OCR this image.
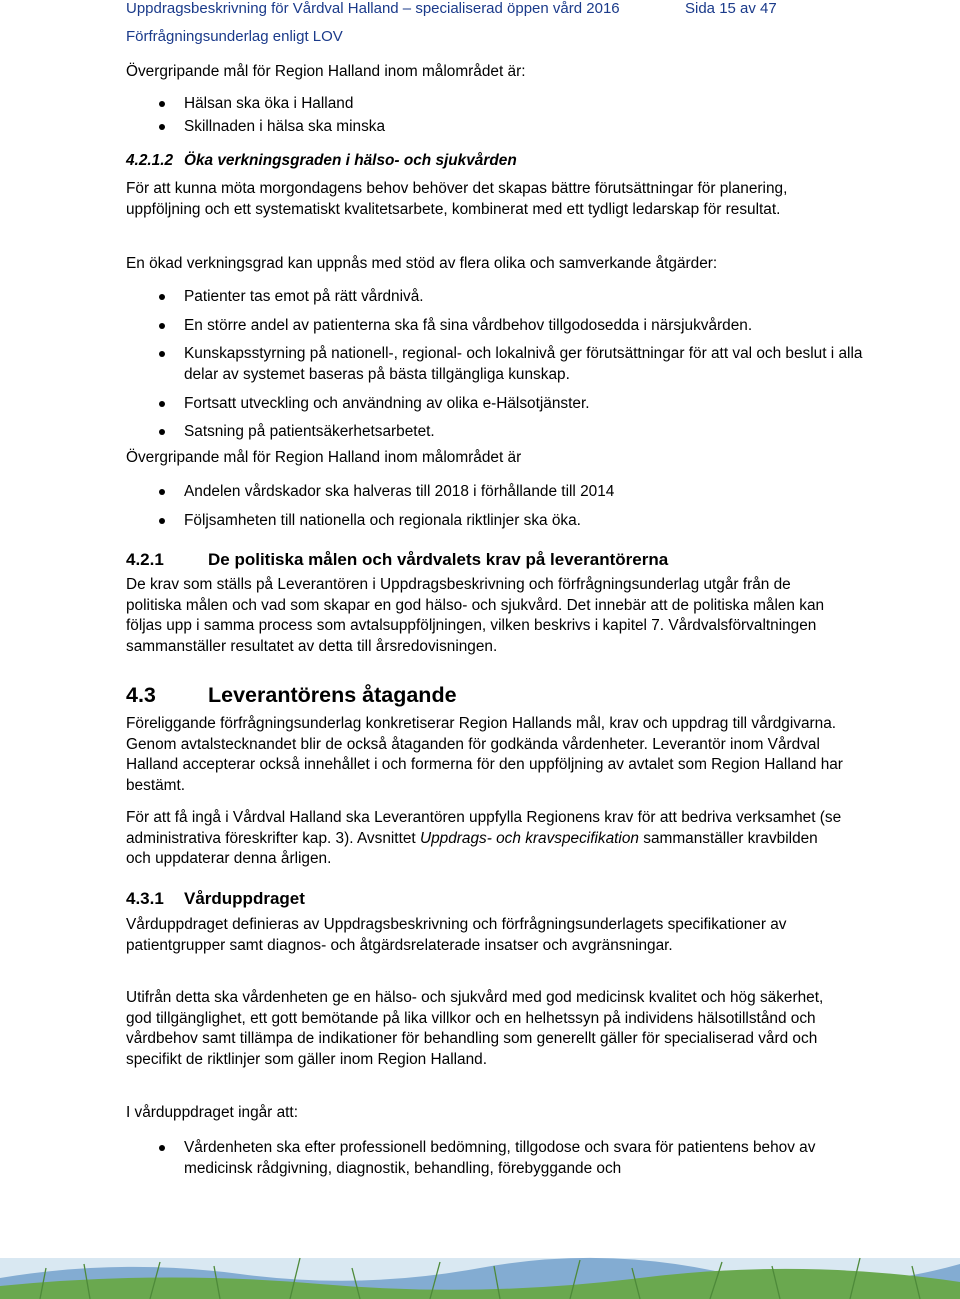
Uppdragsbeskrivning för Vårdval Halland – specialiserad öppen vård 2016	Sida 15 av 47
Förfrågningsunderlag enligt LOV
Övergripande mål för Region Halland inom målområdet är:
Hälsan ska öka i Halland
Skillnaden i hälsa ska minska
4.2.1.2 Öka verkningsgraden i hälso- och sjukvården
För att kunna möta morgondagens behov behöver det skapas bättre förutsättningar för planering, uppföljning och ett systematiskt kvalitetsarbete, kombinerat med ett tydligt ledarskap för resultat.
En ökad verkningsgrad kan uppnås med stöd av flera olika och samverkande åtgärder:
Patienter tas emot på rätt vårdnivå.
En större andel av patienterna ska få sina vårdbehov tillgodosedda i närsjukvården.
Kunskapsstyrning på nationell-, regional- och lokalnivå ger förutsättningar för att val och beslut i alla delar av systemet baseras på bästa tillgängliga kunskap.
Fortsatt utveckling och användning av olika e-Hälsotjänster.
Satsning på patientsäkerhetsarbetet.
Övergripande mål för Region Halland inom målområdet är
Andelen vårdskador ska halveras till 2018 i förhållande till 2014
Följsamheten till nationella och regionala riktlinjer ska öka.
4.2.1	De politiska målen och vårdvalets krav på leverantörerna
De krav som ställs på Leverantören i Uppdragsbeskrivning och förfrågningsunderlag utgår från de politiska målen och vad som skapar en god hälso- och sjukvård. Det innebär att de politiska målen kan följas upp i samma process som avtalsuppföljningen, vilken beskrivs i kapitel 7. Vårdvalsförvaltningen sammanställer resultatet av detta till årsredovisningen.
4.3 Leverantörens åtagande
Föreliggande förfrågningsunderlag konkretiserar Region Hallands mål, krav och uppdrag till vårdgivarna. Genom avtalstecknandet blir de också åtaganden för godkända vårdenheter. Leverantör inom Vårdval Halland accepterar också innehållet i och formerna för den uppföljning av avtalet som Region Halland har bestämt.
För att få ingå i Vårdval Halland ska Leverantören uppfylla Regionens krav för att bedriva verksamhet (se administrativa föreskrifter kap. 3). Avsnittet Uppdrags- och kravspecifikation sammanställer kravbilden och uppdaterar denna årligen.
4.3.1 Vårduppdraget
Vårduppdraget definieras av Uppdragsbeskrivning och förfrågningsunderlagets specifikationer av patientgrupper samt diagnos- och åtgärdsrelaterade insatser och avgränsningar.
Utifrån detta ska vårdenheten ge en hälso- och sjukvård med god medicinsk kvalitet och hög säkerhet, god tillgänglighet, ett gott bemötande på lika villkor och en helhetssyn på individens hälsotillstånd och vårdbehov samt tillämpa de indikationer för behandling som generellt gäller för specialiserad vård och specifikt de riktlinjer som gäller inom Region Halland.
I vårduppdraget ingår att:
Vårdenheten ska efter professionell bedömning, tillgodose och svara för patientens behov av medicinsk rådgivning, diagnostik, behandling, förebyggande och
